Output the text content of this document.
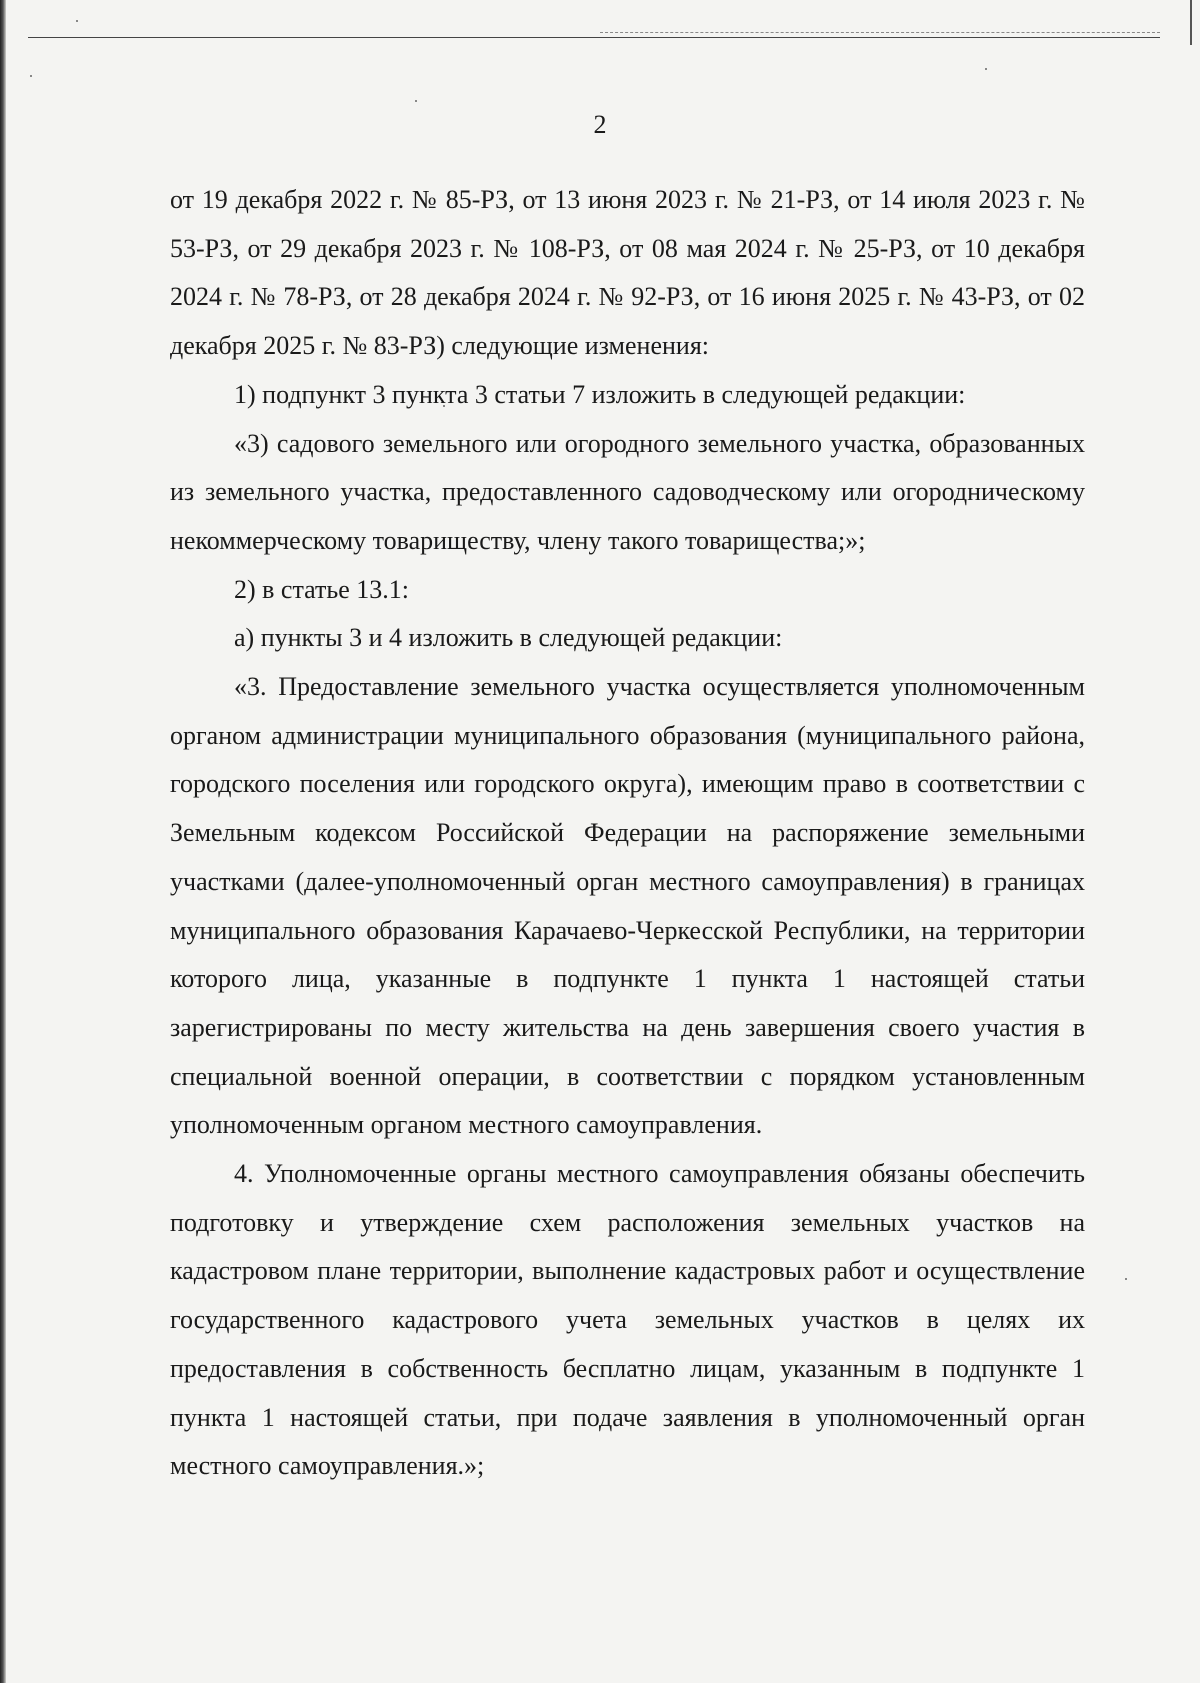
2

от 19 декабря 2022 г. № 85-РЗ, от 13 июня 2023 г. № 21-РЗ, от 14 июля 2023 г. № 53-РЗ, от 29 декабря 2023 г. № 108-РЗ, от 08 мая 2024 г. № 25-РЗ, от 10 декабря 2024 г. № 78-РЗ, от 28 декабря 2024 г. № 92-РЗ, от 16 июня 2025 г. № 43-РЗ, от 02 декабря 2025 г. № 83-РЗ) следующие изменения:

1) подпункт 3 пункта 3 статьи 7 изложить в следующей редакции:

«3) садового земельного или огородного земельного участка, образованных из земельного участка, предоставленного садоводческому или огородническому некоммерческому товариществу, члену такого товарищества;»;

2) в статье 13.1:

а) пункты 3 и 4 изложить в следующей редакции:

«3. Предоставление земельного участка осуществляется уполномоченным органом администрации муниципального образования (муниципального района, городского поселения или городского округа), имеющим право в соответствии с Земельным кодексом Российской Федерации на распоряжение земельными участками (далее-уполномоченный орган местного самоуправления) в границах муниципального образования Карачаево-Черкесской Республики, на территории которого лица, указанные в подпункте 1 пункта 1 настоящей статьи зарегистрированы по месту жительства на день завершения своего участия в специальной военной операции, в соответствии с порядком установленным уполномоченным органом местного самоуправления.

4. Уполномоченные органы местного самоуправления обязаны обеспечить подготовку и утверждение схем расположения земельных участков на кадастровом плане территории, выполнение кадастровых работ и осуществление государственного кадастрового учета земельных участков в целях их предоставления в собственность бесплатно лицам, указанным в подпункте 1 пункта 1 настоящей статьи, при подаче заявления в уполномоченный орган местного самоуправления.»;
